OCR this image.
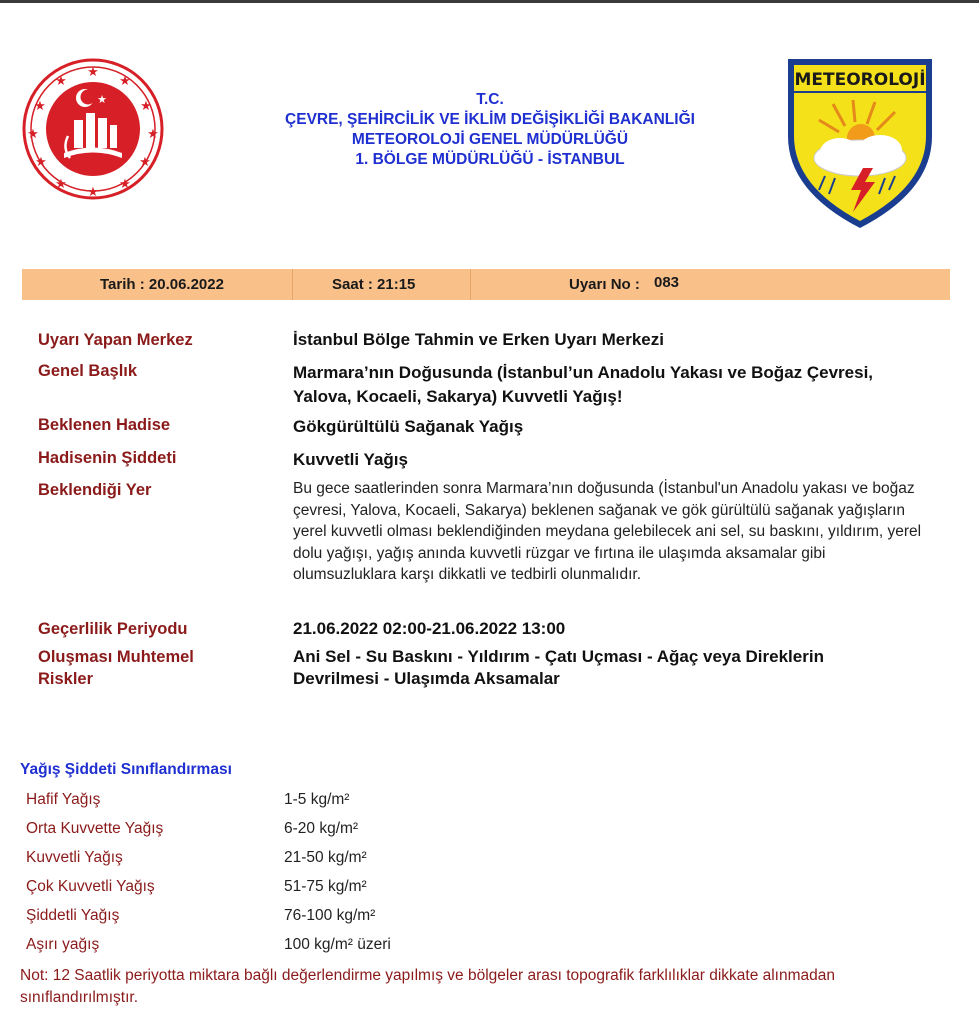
★
★
★
★
★
★
★
★
★
★
★
★
★	T.C.
ÇEVRE, ŞEHİRCİLİK VE İKLİM DEĞİŞİKLİĞİ BAKANLIĞI
METEOROLOJİ GENEL MÜDÜRLÜĞÜ
1. BÖLGE MÜDÜRLÜĞÜ - İSTANBUL
METEOROLOJİ
Tarih : 20.06.2022	Saat : 21:15	Uyarı No : 083
Uyarı Yapan Merkez	İstanbul Bölge Tahmin ve Erken Uyarı Merkezi
Genel Başlık	Marmara’nın Doğusunda (İstanbul’un Anadolu Yakası ve Boğaz Çevresi, Yalova, Kocaeli, Sakarya) Kuvvetli Yağış!
Beklenen Hadise	Gökgürültülü Sağanak Yağış
Hadisenin Şiddeti	Kuvvetli Yağış
Beklendiği Yer	Bu gece saatlerinden sonra Marmara’nın doğusunda (İstanbul'un Anadolu yakası ve boğaz çevresi, Yalova, Kocaeli, Sakarya) beklenen sağanak ve gök gürültülü sağanak yağışların yerel kuvvetli olması beklendiğinden meydana gelebilecek ani sel, su baskını, yıldırım, yerel dolu yağışı, yağış anında kuvvetli rüzgar ve fırtına ile ulaşımda aksamalar gibi olumsuzluklara karşı dikkatli ve tedbirli olunmalıdır.
Geçerlilik Periyodu	21.06.2022 02:00-21.06.2022 13:00
Oluşması Muhtemel Riskler
Ani Sel - Su Baskını - Yıldırım - Çatı Uçması - Ağaç veya Direklerin Devrilmesi - Ulaşımda Aksamalar
Yağış Şiddeti Sınıflandırması
Hafif Yağış	1-5 kg/m²
Orta Kuvvette Yağış	6-20 kg/m²
Kuvvetli Yağış	21-50 kg/m²
Çok Kuvvetli Yağış	51-75 kg/m²
Şiddetli Yağış	76-100 kg/m²
Aşırı yağış	100 kg/m² üzeri
Not: 12 Saatlik periyotta miktara bağlı değerlendirme yapılmış ve bölgeler arası topografik farklılıklar dikkate alınmadan sınıflandırılmıştır.
